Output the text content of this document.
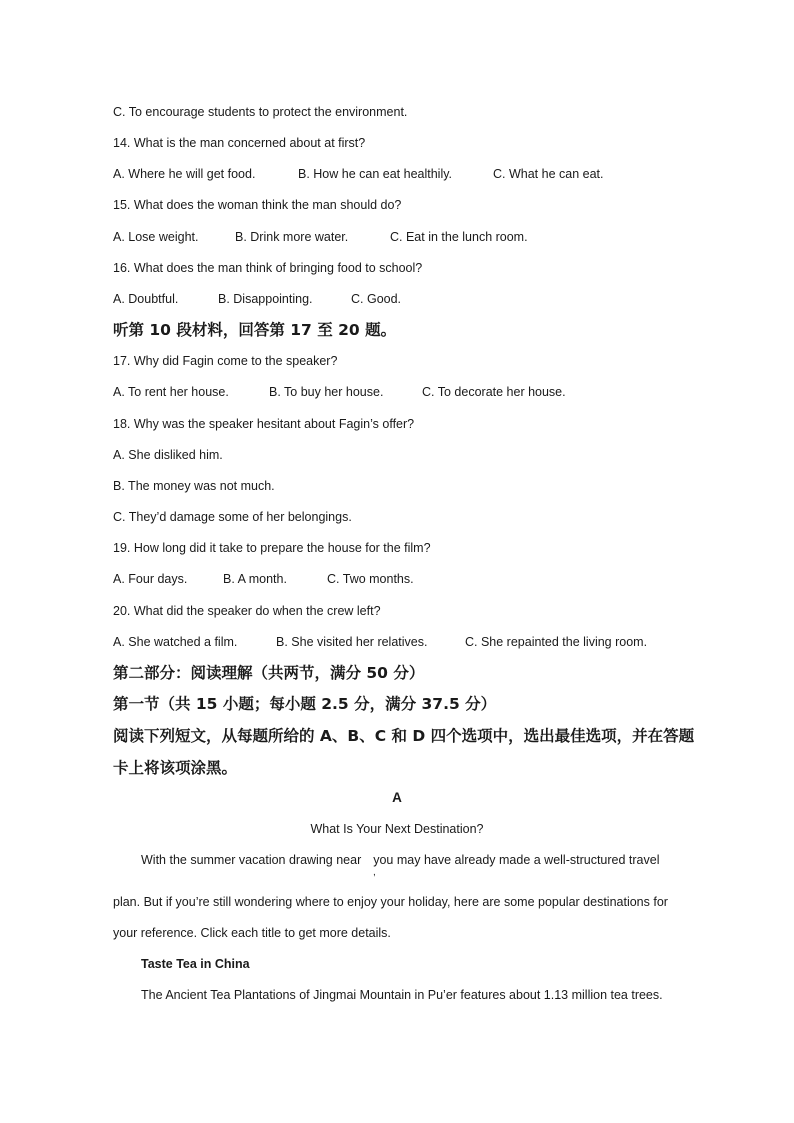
C. To encourage students to protect the environment.
14. What is the man concerned about at first?
A. Where he will get food.	B. How he can eat healthily.	C. What he can eat.
15. What does the woman think the man should do?
A. Lose weight.	B. Drink more water.	C. Eat in the lunch room.
16. What does the man think of bringing food to school?
A. Doubtful.	B. Disappointing.	C. Good.
听第 10 段材料，回答第 17 至 20 题。
17. Why did Fagin come to the speaker?
A. To rent her house.	B. To buy her house.	C. To decorate her house.
18. Why was the speaker hesitant about Fagin’s offer?
A. She disliked him.
B. The money was not much.
C. They’d damage some of her belongings.
19. How long did it take to prepare the house for the film?
A. Four days.	B. A month.	C. Two months.
20. What did the speaker do when the crew left?
A. She watched a film.	B. She visited her relatives.	C. She repainted the living room.
第二部分：阅读理解（共两节，满分 50 分）
第一节（共 15 小题；每小题 2.5 分，满分 37.5 分）
阅读下列短文，从每题所给的 A、B、C 和 D 四个选项中，选出最佳选项，并在答题
卡上将该项涂黑。
A
What Is Your Next Destination?
With the summer vacation drawing near you may have already made a well-structured travel
,
plan. But if you’re still wondering where to enjoy your holiday, here are some popular destinations for
your reference. Click each title to get more details.
Taste Tea in China
The Ancient Tea Plantations of Jingmai Mountain in Pu’er features about 1.13 million tea trees.
